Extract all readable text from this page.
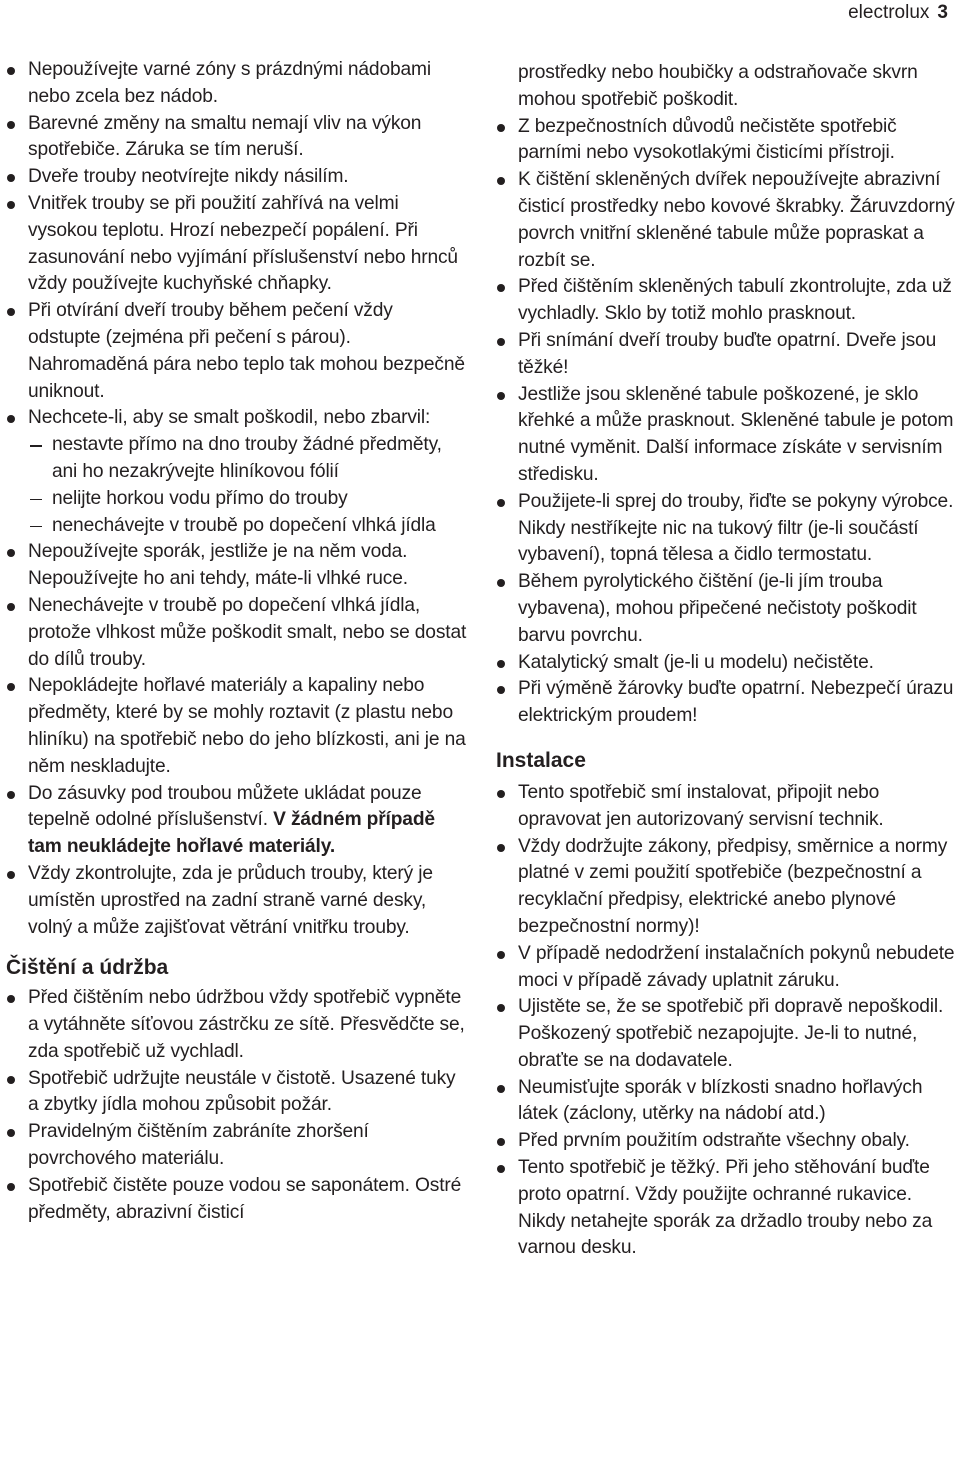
electrolux 3
Nepoužívejte varné zóny s prázdnými nádobami nebo zcela bez nádob.
Barevné změny na smaltu nemají vliv na výkon spotřebiče. Záruka se tím neruší.
Dveře trouby neotvírejte nikdy násilím.
Vnitřek trouby se při použití zahřívá na velmi vysokou teplotu. Hrozí nebezpečí popálení. Při zasunování nebo vyjímání příslušenství nebo hrnců vždy používejte kuchyňské chňapky.
Při otvírání dveří trouby během pečení vždy odstupte (zejména při pečení s párou). Nahromaděná pára nebo teplo tak mohou bezpečně uniknout.
Nechcete-li, aby se smalt poškodil, nebo zbarvil:
nestavte přímo na dno trouby žádné předměty, ani ho nezakrývejte hliníkovou fólií
nelijte horkou vodu přímo do trouby
nenechávejte v troubě po dopečení vlhká jídla
Nepoužívejte sporák, jestliže je na něm voda. Nepoužívejte ho ani tehdy, máte-li vlhké ruce.
Nenechávejte v troubě po dopečení vlhká jídla, protože vlhkost může poškodit smalt, nebo se dostat do dílů trouby.
Nepokládejte hořlavé materiály a kapaliny nebo předměty, které by se mohly roztavit (z plastu nebo hliníku) na spotřebič nebo do jeho blízkosti, ani je na něm neskladujte.
Do zásuvky pod troubou můžete ukládat pouze tepelně odolné příslušenství. V žádném případě tam neukládejte hořlavé materiály.
Vždy zkontrolujte, zda je průduch trouby, který je umístěn uprostřed na zadní straně varné desky, volný a může zajišťovat větrání vnitřku trouby.
Čištění a údržba
Před čištěním nebo údržbou vždy spotřebič vypněte a vytáhněte síťovou zástrčku ze sítě. Přesvědčte se, zda spotřebič už vychladl.
Spotřebič udržujte neustále v čistotě. Usazené tuky a zbytky jídla mohou způsobit požár.
Pravidelným čištěním zabráníte zhoršení povrchového materiálu.
Spotřebič čistěte pouze vodou se saponátem. Ostré předměty, abrazivní čisticí
prostředky nebo houbičky a odstraňovače skvrn mohou spotřebič poškodit.
Z bezpečnostních důvodů nečistěte spotřebič parními nebo vysokotlakými čisticími přístroji.
K čištění skleněných dvířek nepoužívejte abrazivní čisticí prostředky nebo kovové škrabky. Žáruvzdorný povrch vnitřní skleněné tabule může popraskat a rozbít se.
Před čištěním skleněných tabulí zkontrolujte, zda už vychladly. Sklo by totiž mohlo prasknout.
Při snímání dveří trouby buďte opatrní. Dveře jsou těžké!
Jestliže jsou skleněné tabule poškozené, je sklo křehké a může prasknout. Skleněné tabule je potom nutné vyměnit. Další informace získáte v servisním středisku.
Použijete-li sprej do trouby, řiďte se pokyny výrobce. Nikdy nestříkejte nic na tukový filtr (je-li součástí vybavení), topná tělesa a čidlo termostatu.
Během pyrolytického čištění (je-li jím trouba vybavena), mohou připečené nečistoty poškodit barvu povrchu.
Katalytický smalt (je-li u modelu) nečistěte.
Při výměně žárovky buďte opatrní. Nebezpečí úrazu elektrickým proudem!
Instalace
Tento spotřebič smí instalovat, připojit nebo opravovat jen autorizovaný servisní technik.
Vždy dodržujte zákony, předpisy, směrnice a normy platné v zemi použití spotřebiče (bezpečnostní a recyklační předpisy, elektrické anebo plynové bezpečnostní normy)!
V případě nedodržení instalačních pokynů nebudete moci v případě závady uplatnit záruku.
Ujistěte se, že se spotřebič při dopravě nepoškodil. Poškozený spotřebič nezapojujte. Je-li to nutné, obraťte se na dodavatele.
Neumisťujte sporák v blízkosti snadno hořlavých látek (záclony, utěrky na nádobí atd.)
Před prvním použitím odstraňte všechny obaly.
Tento spotřebič je těžký. Při jeho stěhování buďte proto opatrní. Vždy použijte ochranné rukavice. Nikdy netahejte sporák za držadlo trouby nebo za varnou desku.
